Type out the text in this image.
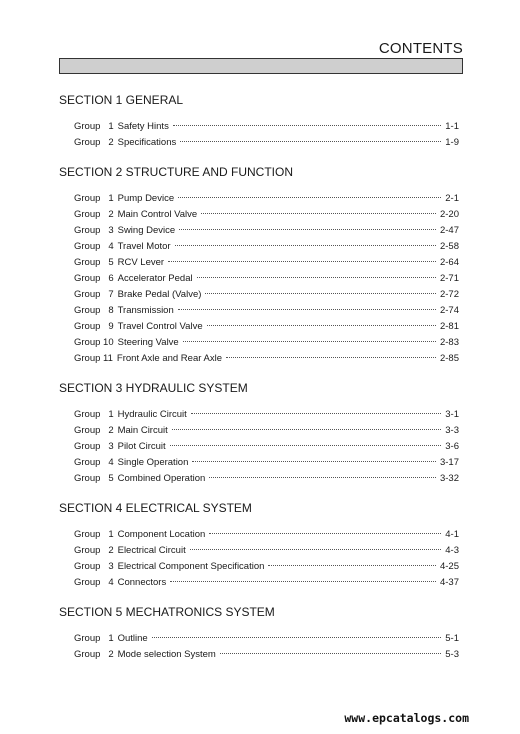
CONTENTS
SECTION 1 GENERAL
Group   1 Safety Hints	1-1
Group   2 Specifications	1-9
SECTION 2 STRUCTURE AND FUNCTION
Group   1 Pump Device	2-1
Group   2 Main Control Valve	2-20
Group   3 Swing Device	2-47
Group   4 Travel Motor	2-58
Group   5 RCV Lever	2-64
Group   6 Accelerator Pedal	2-71
Group   7 Brake Pedal (Valve)	2-72
Group   8 Transmission	2-74
Group   9 Travel Control Valve	2-81
Group 10 Steering Valve	2-83
Group 11 Front Axle and Rear Axle	2-85
SECTION 3 HYDRAULIC SYSTEM
Group   1 Hydraulic Circuit	3-1
Group   2 Main Circuit	3-3
Group   3 Pilot Circuit	3-6
Group   4 Single Operation	3-17
Group   5 Combined Operation	3-32
SECTION 4 ELECTRICAL SYSTEM
Group   1 Component Location	4-1
Group   2 Electrical Circuit	4-3
Group   3 Electrical Component Specification	4-25
Group   4 Connectors	4-37
SECTION 5 MECHATRONICS SYSTEM
Group   1 Outline	5-1
Group   2 Mode selection System	5-3
www.epcatalogs.com
